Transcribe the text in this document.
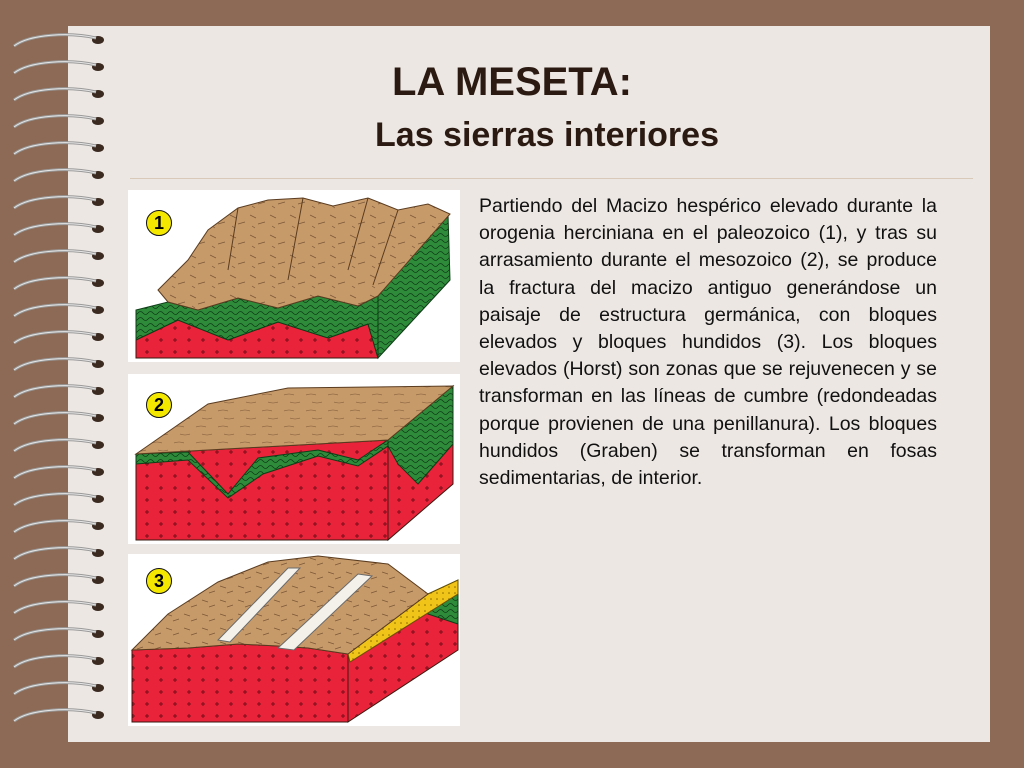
LA MESETA:
Las sierras interiores
1
2
3

Partiendo del Macizo hespérico elevado durante la orogenia herciniana en el paleozoico (1), y tras su arrasamiento durante el mesozoico (2), se produce la fractura del macizo antiguo generándose un paisaje de estructura germánica, con bloques elevados y bloques hundidos (3). Los bloques elevados (Horst) son zonas que se rejuvenecen y se transforman en las líneas de cumbre (redondeadas porque provienen de una penillanura). Los bloques hundidos (Graben) se transforman en fosas sedimentarias, de interior.
